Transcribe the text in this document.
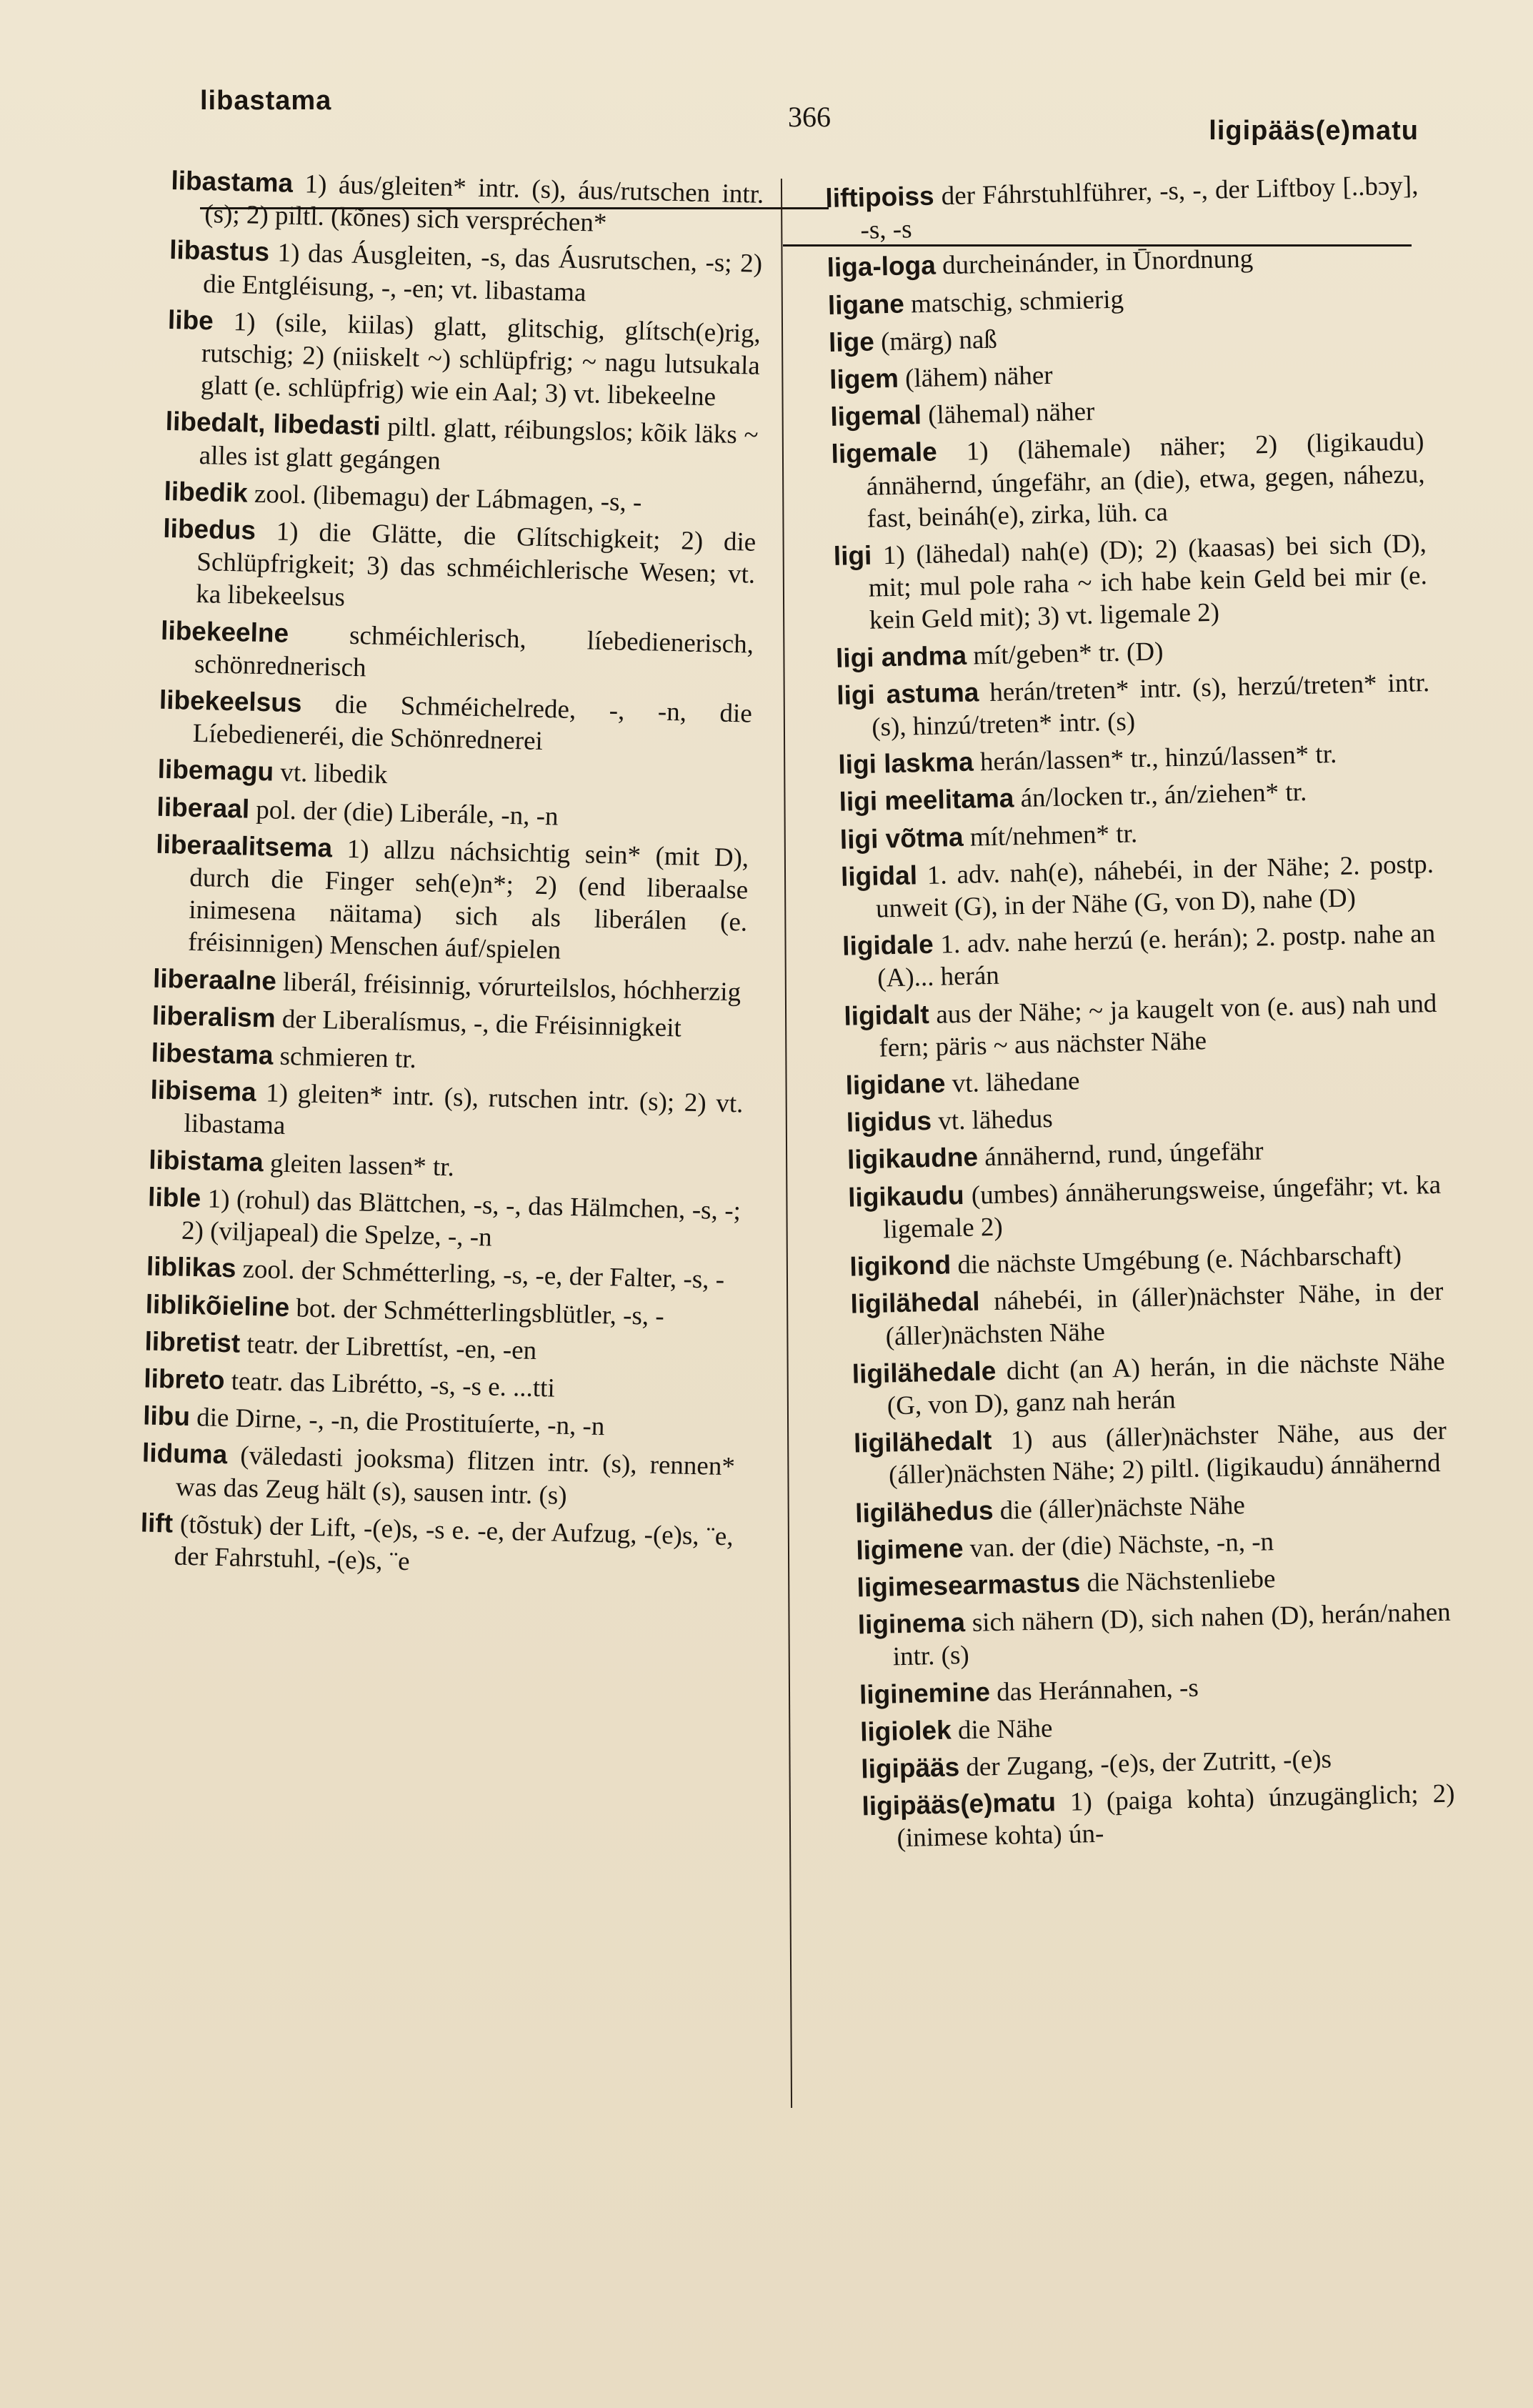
libastama	366	ligipääs(e)matu

libastama 1) áus/gleiten* intr. (s), áus/rutschen intr. (s); 2) piltl. (kõnes) sich verspréchen*

libastus 1) das Áusgleiten, -s, das Áusrutschen, -s; 2) die Entgléisung, -, -en; vt. libastama

libe 1) (sile, kiilas) glatt, glitschig, glítsch(e)rig, rutschig; 2) (niiskelt ~) schlüpfrig; ~ nagu lutsukala glatt (e. schlüpfrig) wie ein Aal; 3) vt. libekeelne

libedalt, libedasti piltl. glatt, réibungslos; kõik läks ~ alles ist glatt gegángen

libedik zool. (libemagu) der Lábmagen, -s, -

libedus 1) die Glätte, die Glítschigkeit; 2) die Schlüpfrigkeit; 3) das schméichlerische Wesen; vt. ka libekeelsus

libekeelne schméichlerisch, líebedienerisch, schönrednerisch

libekeelsus die Schméichelrede, -, -n, die Líebedieneréi, die Schönrednerei

libemagu vt. libedik

liberaal pol. der (die) Liberále, -n, -n

liberaalitsema 1) allzu náchsichtig sein* (mit D), durch die Finger seh(e)n*; 2) (end liberaalse inimesena näitama) sich als liberálen (e. fréisinnigen) Menschen áuf/spielen

liberaalne liberál, fréisinnig, vórurteilslos, hóchherzig

liberalism der Liberalísmus, -, die Fréisinnigkeit

libestama schmieren tr.

libisema 1) gleiten* intr. (s), rutschen intr. (s); 2) vt. libastama

libistama gleiten lassen* tr.

lible 1) (rohul) das Blättchen, -s, -, das Hälmchen, -s, -; 2) (viljapeal) die Spelze, -, -n

liblikas zool. der Schmétterling, -s, -e, der Falter, -s, -

liblikõieline bot. der Schmétterlingsblütler, -s, -

libretist teatr. der Librettíst, -en, -en

libreto teatr. das Librétto, -s, -s e. ...tti

libu die Dirne, -, -n, die Prostituíerte, -n, -n

liduma (väledasti jooksma) flitzen intr. (s), rennen* was das Zeug hält (s), sausen intr. (s)

lift (tõstuk) der Lift, -(e)s, -s e. -e, der Aufzug, -(e)s, ¨e, der Fahrstuhl, -(e)s, ¨e

liftipoiss der Fáhrstuhlführer, -s, -, der Liftboy [..bɔy], -s, -s

liga-loga durcheinánder, in Ūnordnung

ligane matschig, schmierig

lige (märg) naß

ligem (lähem) näher

ligemal (lähemal) näher

ligemale 1) (lähemale) näher; 2) (ligikaudu) ánnähernd, úngefähr, an (die), etwa, gegen, náhezu, fast, beináh(e), zirka, lüh. ca

ligi 1) (lähedal) nah(e) (D); 2) (kaasas) bei sich (D), mit; mul pole raha ~ ich habe kein Geld bei mir (e. kein Geld mit); 3) vt. ligemale 2)

ligi andma mít/geben* tr. (D)

ligi astuma herán/treten* intr. (s), herzú/treten* intr. (s), hinzú/treten* intr. (s)

ligi laskma herán/lassen* tr., hinzú/lassen* tr.

ligi meelitama án/locken tr., án/ziehen* tr.

ligi võtma mít/nehmen* tr.

ligidal 1. adv. nah(e), náhebéi, in der Nähe; 2. postp. unweit (G), in der Nähe (G, von D), nahe (D)

ligidale 1. adv. nahe herzú (e. herán); 2. postp. nahe an (A)... herán

ligidalt aus der Nähe; ~ ja kaugelt von (e. aus) nah und fern; päris ~ aus nächster Nähe

ligidane vt. lähedane

ligidus vt. lähedus

ligikaudne ánnähernd, rund, úngefähr

ligikaudu (umbes) ánnäherungsweise, úngefähr; vt. ka ligemale 2)

ligikond die nächste Umgébung (e. Náchbarschaft)

ligilähedal náhebéi, in (áller)nächster Nähe, in der (áller)nächsten Nähe

ligilähedale dicht (an A) herán, in die nächste Nähe (G, von D), ganz nah herán

ligilähedalt 1) aus (áller)nächster Nähe, aus der (áller)nächsten Nähe; 2) piltl. (ligikaudu) ánnähernd

ligilähedus die (áller)nächste Nähe

ligimene van. der (die) Nächste, -n, -n

ligimesearmastus die Nächstenliebe

liginema sich nähern (D), sich nahen (D), herán/nahen intr. (s)

liginemine das Heránnahen, -s

ligiolek die Nähe

ligipääs der Zugang, -(e)s, der Zutritt, -(e)s

ligipääs(e)matu 1) (paiga kohta) únzugänglich; 2) (inimese kohta) ún-
